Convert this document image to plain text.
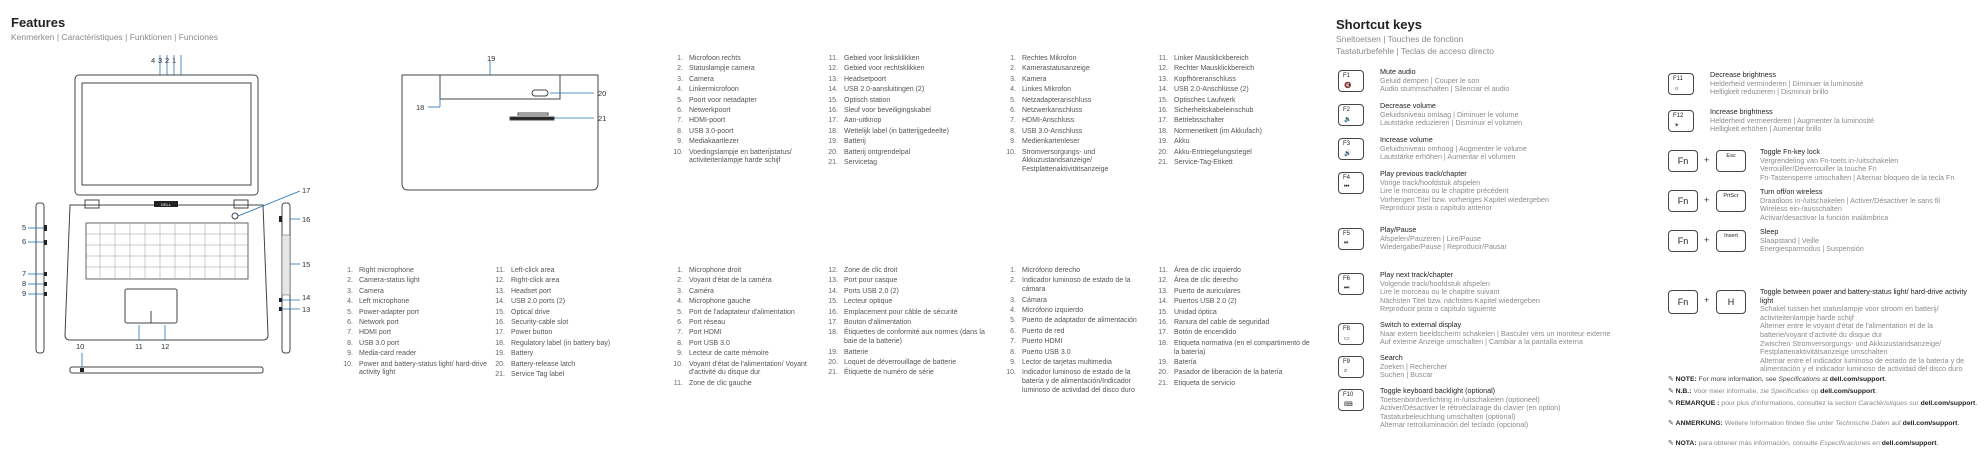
Features
Kenmerken | Caractéristiques | Funktionen | Funciones
DELL
4 3 2 1
5
6
7
8
9
10	11 12
13
14
15
16
17
19
20
21
18
1. Right microphone
2. Camera-status light
3. Camera
4. Left microphone
5. Power-adapter port
6. Network port
7. HDMI port
8. USB 3.0 port
9. Media-card reader
10. Power and battery-status light/ hard-drive activity light
11. Left-click area
12. Right-click area
13. Headset port
14. USB 2.0 ports (2)
15. Optical drive
16. Security-cable slot
17. Power button
18. Regulatory label (in battery bay)
19. Battery
20. Battery-release latch
21. Service Tag label
1. Microfoon rechts
2. Statuslampje camera
3. Camera
4. Linkermicrofoon
5. Poort voor netadapter
6. Netwerkpoort
7. HDMI-poort
8. USB 3.0-poort
9. Mediakaartlezer
10. Voedingslampje en batterijstatus/ activiteitenlampje harde schijf
11. Gebied voor linksklikken
12. Gebied voor rechtsklikken
13. Headsetpoort
14. USB 2.0-aansluitingen (2)
15. Optisch station
16. Sleuf voor beveiligingskabel
17. Aan-uitknop
18. Wettelijk label (in batterijgedeelte)
19. Batterij
20. Batterij ontgrendelpal
21. Servicetag
1. Microphone droit
2. Voyant d'état de la caméra
3. Caméra
4. Microphone gauche
5. Port de l'adaptateur d'alimentation
6. Port réseau
7. Port HDMI
8. Port USB 3.0
9. Lecteur de carte mémoire
10. Voyant d'état de l'alimentation/ Voyant d'activité du disque dur
11. Zone de clic gauche
12. Zone de clic droit
13. Port pour casque
14. Ports USB 2.0 (2)
15. Lecteur optique
16. Emplacement pour câble de sécurité
17. Bouton d'alimentation
18. Étiquettes de conformité aux normes (dans la baie de la batterie)
19. Batterie
20. Loquet de déverrouillage de batterie
21. Étiquette de numéro de série
1. Rechtes Mikrofon
2. Kamerastatusanzeige
3. Kamera
4. Linkes Mikrofon
5. Netzadapteranschluss
6. Netzwerkanschluss
7. HDMI-Anschluss
8. USB 3.0-Anschluss
9. Medienkartenleser
10. Stromversorgungs- und Akkuzustandsanzeige/ Festplattenaktivitätsanzeige
11. Linker Mausklickbereich
12. Rechter Mausklickbereich
13. Kopfhöreranschluss
14. USB 2.0-Anschlüsse (2)
15. Optisches Laufwerk
16. Sicherheitskabeleinschub
17. Betriebsschalter
18. Normenetikett (im Akkufach)
19. Akku
20. Akku-Entriegelungsriegel
21. Service-Tag-Etikett
1. Micrófono derecho
2. Indicador luminoso de estado de la cámara
3. Cámara
4. Micrófono izquierdo
5. Puerto de adaptador de alimentación
6. Puerto de red
7. Puerto HDMI
8. Puerto USB 3.0
9. Lector de tarjetas multimedia
10. Indicador luminoso de estado de la batería y de alimentación/Indicador luminoso de actividad del disco duro
11. Área de clic izquierdo
12. Área de clic derecho
13. Puerto de auriculares
14. Puertos USB 2.0 (2)
15. Unidad óptica
16. Ranura del cable de seguridad
17. Botón de encendido
18. Etiqueta normativa (en el compartimento de la batería)
19. Batería
20. Pasador de liberación de la batería
21. Etiqueta de servicio
Shortcut keys
Sneltoetsen | Touches de fonction
Tastaturbefehle | Teclas de acceso directo
F1
🔇
Mute audio
Geluid dempen | Couper le son
Audio stummschalten | Silenciar el audio
F2
🔉
Decrease volume
Geluidsniveau omlaag | Diminuer le volume
Lautstärke reduzieren | Disminuir el volumen
F3
🔊
Increase volume
Geluidsniveau omhoog | Augmenter le volume
Lautstärke erhöhen | Aumentar el volumen
F4
⏮
Play previous track/chapter
Vorige track/hoofdstuk afspelen
Lire le morceau ou le chapitre précédent
Vorherigen Titel bzw. vorheriges Kapitel wiedergeben
Reproducir pista o capítulo anterior
F5
⏯
Play/Pause
Afspelen/Pauzeren | Lire/Pause
Wiedergabe/Pause | Reproducir/Pausar
F6
⏭
Play next track/chapter
Volgende track/hoofdstuk afspelen
Lire le morceau ou le chapitre suivant
Nächsten Titel bzw. nächstes Kapitel wiedergeben
Reproducir pista o capítulo siguiente
F8
▭
Switch to external display
Naar extern beeldscherm schakelen | Basculer vers un moniteur externe
Auf externe Anzeige umschalten | Cambiar a la pantalla externa
F9
⌕
Search
Zoeken | Rechercher
Suchen | Buscar
F10
⌨
Toggle keyboard backlight (optional)
Toetsenbordverlichting in-/uitschakelen (optioneel)
Activer/Désactiver le rétroéclairage du clavier (en option)
Tastaturbeleuchtung umschalten (optional)
Alternar retroiluminación del teclado (opcional)
F11
☼
Decrease brightness
Helderheid verminderen | Diminuer la luminosité
Helligkeit reduzieren | Disminuir brillo
F12
☀
Increase brightness
Helderheid vermeerderen | Augmenter la luminosité
Helligkeit erhöhen | Aumentar brillo
Fn	+	Esc	Toggle Fn-key lock
Vergrendeling van Fn-toets in-/uitschakelen
Verrouiller/Déverrouiller la touche Fn
Fn-Tastensperre umschalten | Alternar bloqueo de la tecla Fn
Fn	+	PrtScr	Turn off/on wireless
Draadloos in-/uitschakelen | Activer/Désactiver le sans fil
Wireless ein-/ausschalten
Activar/desactivar la función inalámbrica
Fn	+	Insert	Sleep
Slaapstand | Veille
Energiesparmodus | Suspensión
Fn	+	H
Toggle between power and battery-status light/ hard-drive activity light
Schakel tussen het statuslampje voor stroom en batterij/ activiteitenlampje harde schijf
Alterner entre le voyant d'état de l'alimentation et de la batterie/voyant d'activité du disque dur
Zwischen Stromversorgungs- und Akkuzustandsanzeige/ Festplattenaktivitätsanzeige umschalten
Alternar entre el indicador luminoso de estado de la batería y de alimentación y el indicador luminoso de actividad del disco duro
✎ NOTE: For more information, see Specifications at dell.com/support.
✎ N.B.: Voor meer informatie, zie Specificaties op dell.com/support.
✎ REMARQUE : pour plus d'informations, consultez la section Caractéristiques sur dell.com/support.
✎ ANMERKUNG: Weitere Information finden Sie unter Technische Daten auf dell.com/support.
✎ NOTA: para obtener más información, consulte Especificaciones en dell.com/support.
